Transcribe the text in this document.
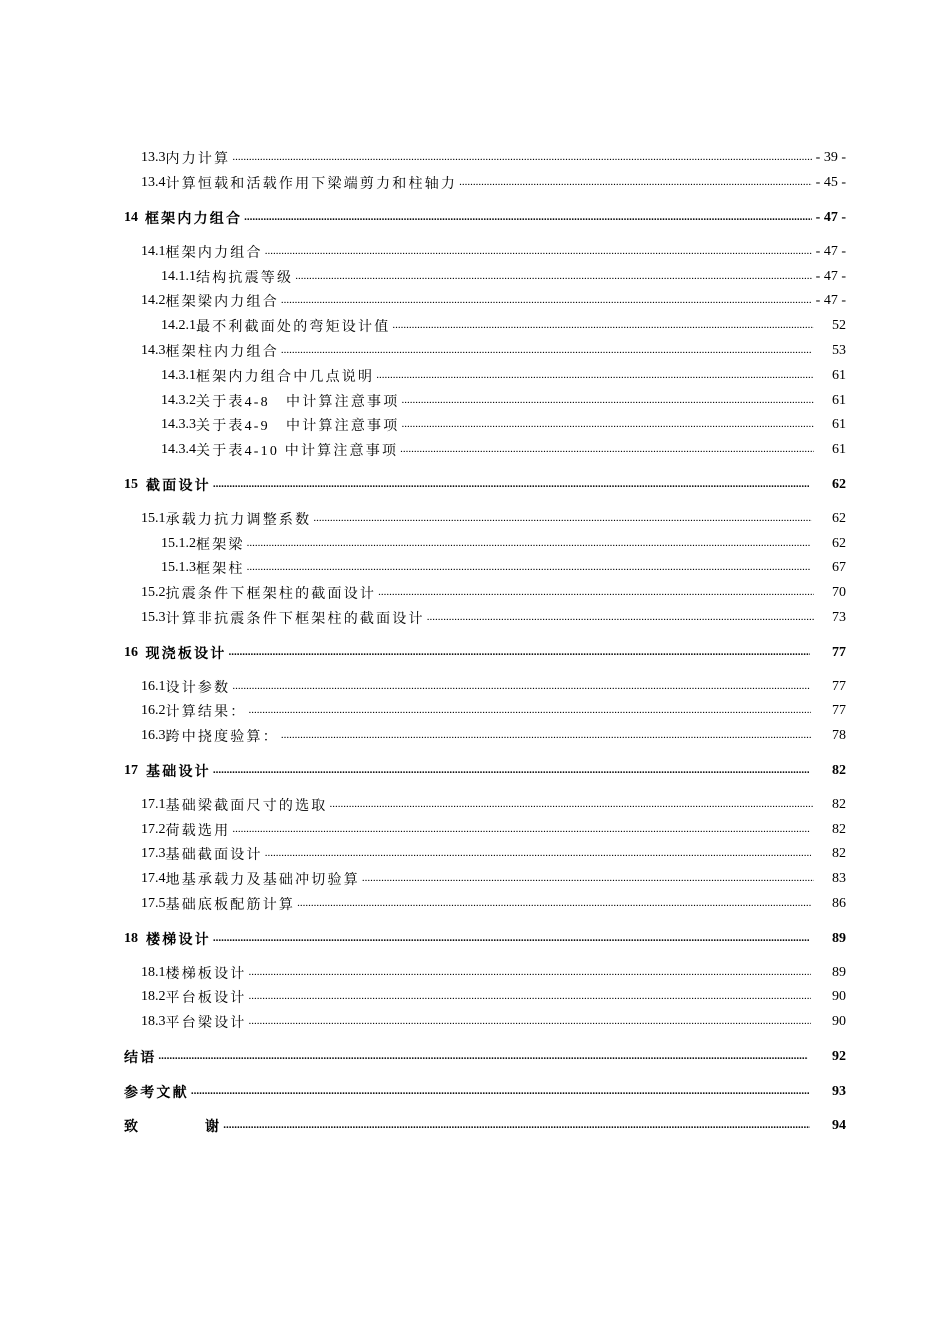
13.3 内力计算 .....	- 39 -
13.4 计算恒载和活载作用下梁端剪力和柱轴力 .....	- 45 -
14 框架内力组合 .....	- 47 -
14.1 框架内力组合 .....	- 47 -
14.1.1 结构抗震等级 .....	- 47 -
14.2 框架梁内力组合 .....	- 47 -
14.2.1 最不利截面处的弯矩设计值 .....	52
14.3 框架柱内力组合 .....	53
14.3.1 框架内力组合中几点说明 .....	61
14.3.2 关于表4-8　中计算注意事项 .....	61
14.3.3 关于表4-9　中计算注意事项 .....	61
14.3.4 关于表4-10 中计算注意事项 .....	61
15 截面设计 .....	62
15.1 承载力抗力调整系数 .....	62
15.1.2 框架梁 .....	62
15.1.3 框架柱 .....	67
15.2 抗震条件下框架柱的截面设计 .....	70
15.3 计算非抗震条件下框架柱的截面设计 .....	73
16 现浇板设计 .....	77
16.1 设计参数 .....	77
16.2 计算结果： .....	77
16.3 跨中挠度验算： .....	78
17 基础设计 .....	82
17.1 基础梁截面尺寸的选取 .....	82
17.2 荷载选用 .....	82
17.3 基础截面设计 .....	82
17.4 地基承载力及基础冲切验算 .....	83
17.5 基础底板配筋计算 .....	86
18 楼梯设计 .....	89
18.1 楼梯板设计 .....	89
18.2 平台板设计 .....	90
18.3 平台梁设计 .....	90
结语 .....	92
参考文献 .....	93
致　　　　谢 .....	94
